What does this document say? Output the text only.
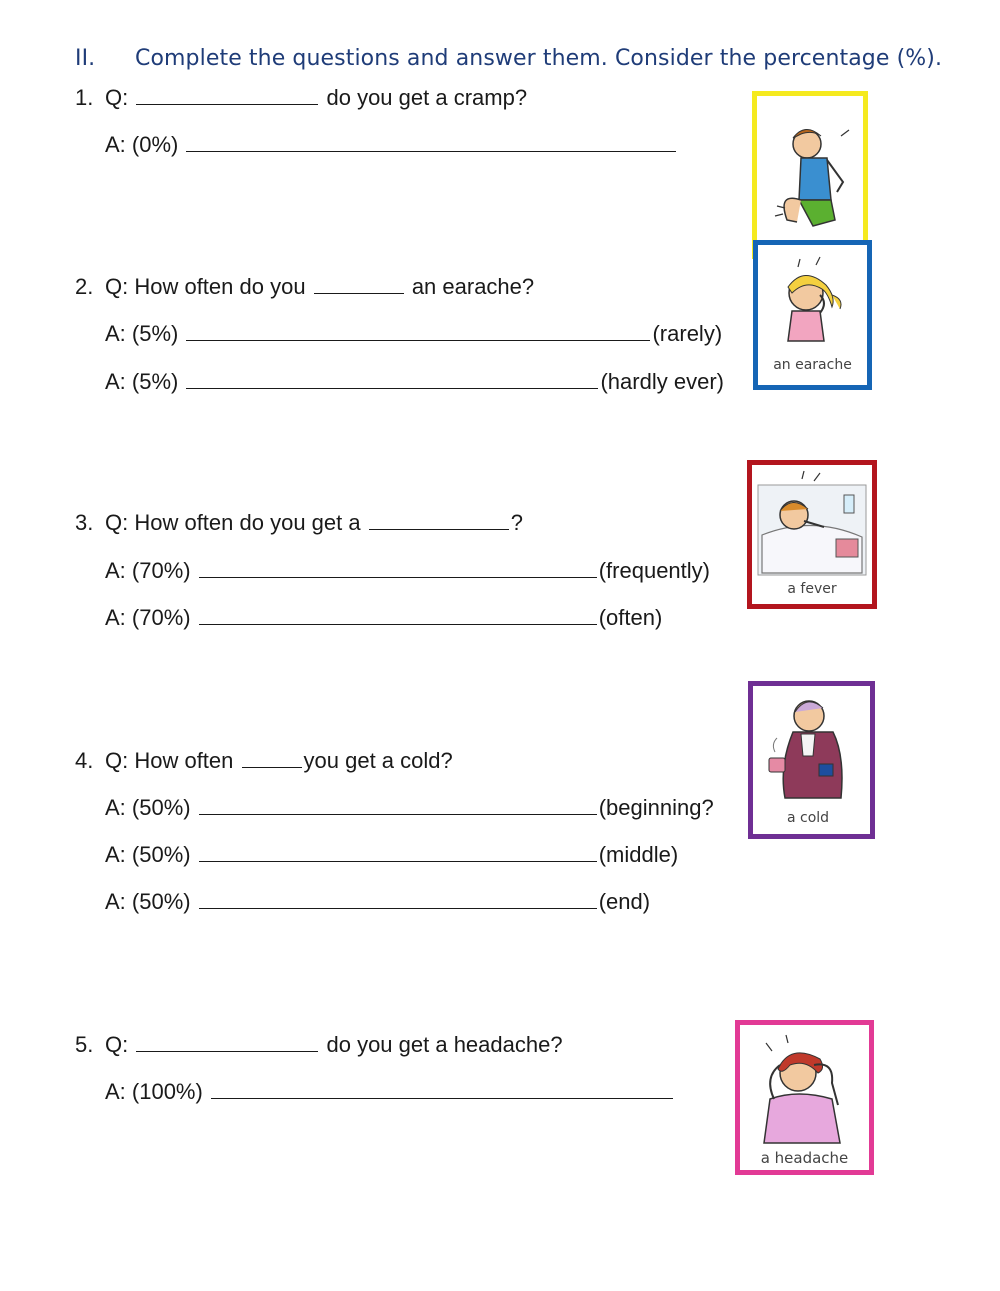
II. Complete the questions and answer them. Consider the percentage (%).
1. Q:	do you get a cramp?
A: (0%)
2. Q: How often do you	an earache?
A: (5%)	(rarely)
A: (5%)	(hardly ever)
3. Q: How often do you get a	?
A: (70%)	(frequently)
A: (70%)	(often)
4. Q: How often	you get a cold?
A: (50%)	(beginning?
A: (50%)	(middle)
A: (50%)	(end)
5. Q:	do you get a headache?
A: (100%)
an earache
a fever
a cold
a headache
